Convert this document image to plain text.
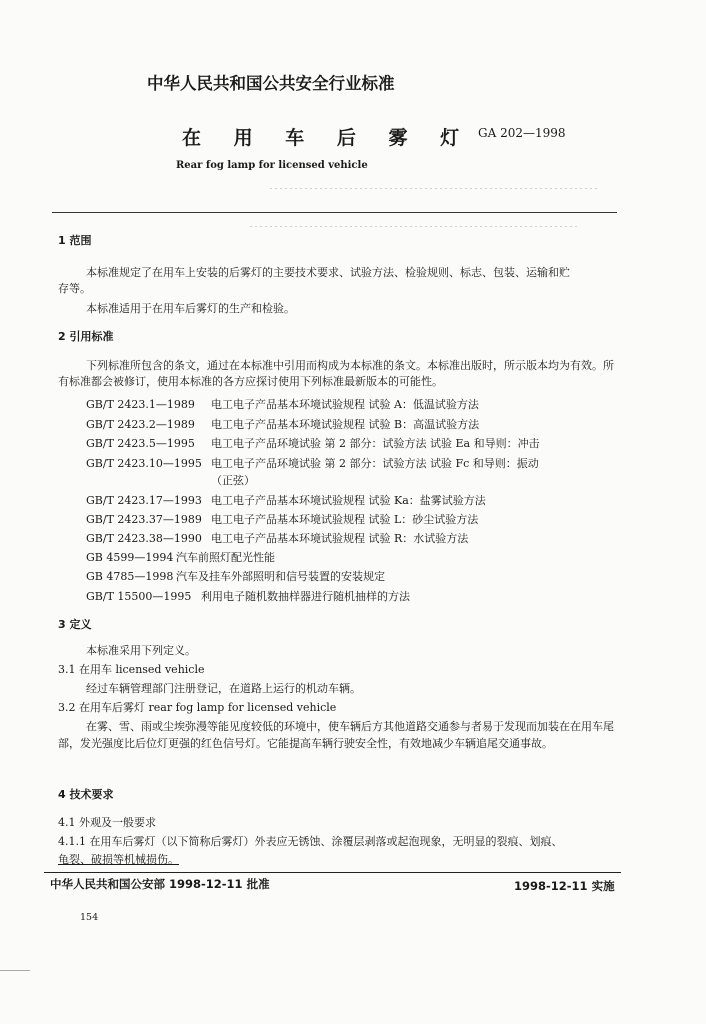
中华人民共和国公共安全行业标准
在 用 车 后 雾 灯 GA 202—1998
Rear fog lamp for licensed vehicle
1 范围
本标准规定了在用车上安装的后雾灯的主要技术要求、试验方法、检验规则、标志、包装、运输和贮
存等。
本标准适用于在用车后雾灯的生产和检验。
2 引用标准
下列标准所包含的条文，通过在本标准中引用而构成为本标准的条文。本标准出版时，所示版本均为有效。所有标准都会被修订，使用本标准的各方应探讨使用下列标准最新版本的可能性。
GB/T 2423.1—1989 电工电子产品基本环境试验规程 试验 A：低温试验方法
GB/T 2423.2—1989 电工电子产品基本环境试验规程 试验 B：高温试验方法
GB/T 2423.5—1995 电工电子产品环境试验 第 2 部分：试验方法 试验 Ea 和导则：冲击
GB/T 2423.10—1995 电工电子产品环境试验 第 2 部分：试验方法 试验 Fc 和导则：振动
（正弦）
GB/T 2423.17—1993 电工电子产品基本环境试验规程 试验 Ka：盐雾试验方法
GB/T 2423.37—1989 电工电子产品基本环境试验规程 试验 L：砂尘试验方法
GB/T 2423.38—1990 电工电子产品基本环境试验规程 试验 R：水试验方法
GB 4599—1994 汽车前照灯配光性能
GB 4785—1998 汽车及挂车外部照明和信号装置的安装规定
GB/T 15500—1995 利用电子随机数抽样器进行随机抽样的方法
3 定义
本标准采用下列定义。
3.1 在用车 licensed vehicle
经过车辆管理部门注册登记，在道路上运行的机动车辆。
3.2 在用车后雾灯 rear fog lamp for licensed vehicle
在雾、雪、雨或尘埃弥漫等能见度较低的环境中，使车辆后方其他道路交通参与者易于发现而加装在在用车尾部，发光强度比后位灯更强的红色信号灯。它能提高车辆行驶安全性，有效地减少车辆追尾交通事故。
4 技术要求
4.1 外观及一般要求
4.1.1 在用车后雾灯（以下简称后雾灯）外表应无锈蚀、涂覆层剥落或起泡现象，无明显的裂痕、划痕、
龟裂、破损等机械损伤。
中华人民共和国公安部 1998-12-11 批准	1998-12-11 实施
154
